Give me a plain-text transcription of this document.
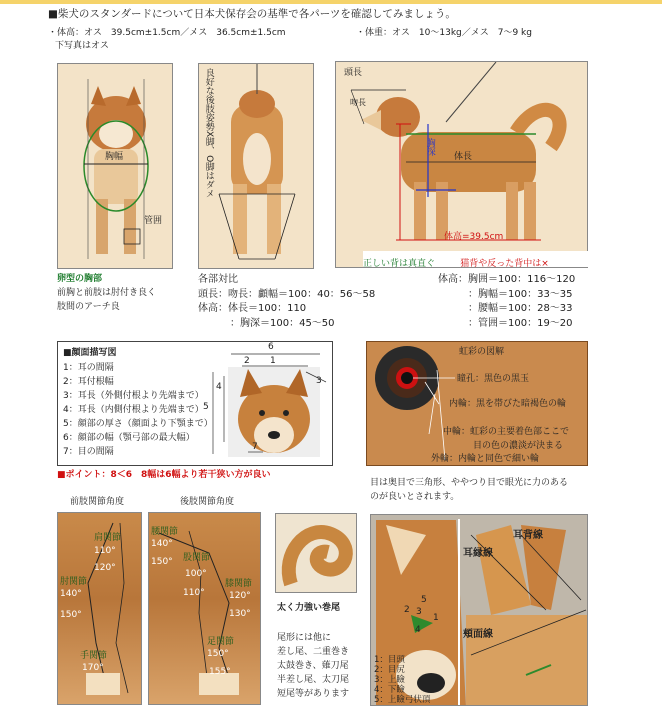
■柴犬のスタンダードについて日本犬保存会の基準で各パーツを確認してみましょう。
・体高：オス　39.5cm±1.5cm／メス　36.5cm±1.5cm	・体重：オス　10～13kg／メス　7～9 kg
下写真はオス
胸幅
管囲
卵型の胸部
前胸と前肢は肘付き良く
肢間のアーチ良
良好な後肢姿勢X脚、O脚はダメ	頭長
吻長
胸深
体長
体高=39.5cm
正しい背は真直ぐ 　	猫背や反った背中は×
各部対比
頭長：吻長：顱幅＝100：40：56～58
体高：体長＝100：110
：胸深＝100：45～50
体高：胸囲＝100：116～120
：胸幅＝100：33～35
：腰幅＝100：28～33
：管囲＝100：19～20
■顔面描写図
1：耳の間隔
2：耳付根幅
3：耳長（外側付根より先端まで）
4：耳長（内側付根より先端まで）
5：顔部の厚さ（顔面より下顎まで）
6：顔部の幅（顎弓部の最大幅）
7：目の間隔
6
2 1
3
4
5
7
■ポイント：8＜6　8幅は6幅より若干狭い方が良い
虹彩の図解
瞳孔：黒色の黒玉
内輪：黒を帯びた暗褐色の輪
中輪：虹彩の主要着色部ここで
目の色の濃淡が決まる
外輪：内輪と同色で細い輪
目は奥目で三角形、ややつり目で眼光に力のある
のが良いとされます。
前肢関節角度
肩関節
110°
120°
肘関節
140°
150°
手関節
170°
後肢関節角度
腰関節
140°
股関節
150°
100°
110°
膝関節
120°
130°
足関節
150°
155°
太く力強い巻尾
尾形には他に
差し尾、二重巻き
太鼓巻き、薙刀尾
半差し尾、太刀尾
短尾等があります
耳背線
耳縁線
頬面線
2
5
1
3
4
1：目頭
2：目尻
3：上瞼
4：下瞼
5：上瞼弓状頂
